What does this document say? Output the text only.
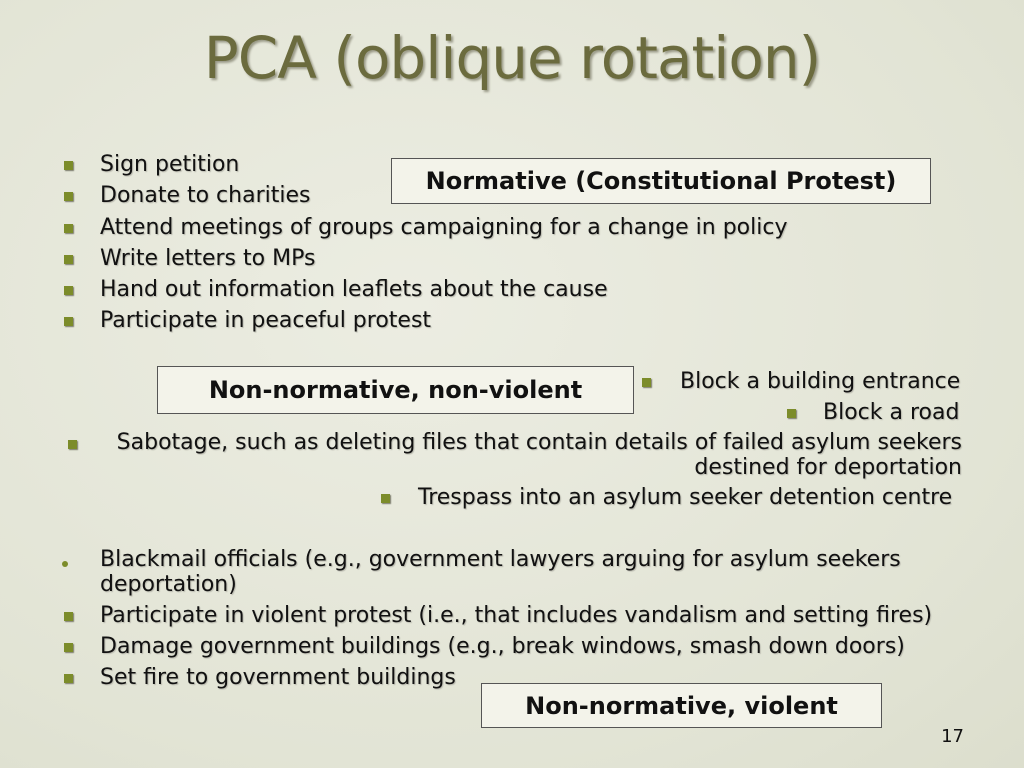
PCA (oblique rotation)
Sign petition
Donate to charities
Attend meetings of groups campaigning for a change in policy
Write letters to MPs
Hand out information leaflets about the cause
Participate in peaceful protest
Normative (Constitutional Protest)
Non-normative, non-violent	Block a building entrance
Block a road
Sabotage, such as deleting files that contain details of failed asylum seekers
destined for deportation
Trespass into an asylum seeker detention centre
Blackmail officials (e.g., government lawyers arguing for asylum seekers
deportation)
Participate in violent protest (i.e., that includes vandalism and setting fires)
Damage government buildings (e.g., break windows, smash down doors)
Set fire to government buildings
Non-normative, violent
17
